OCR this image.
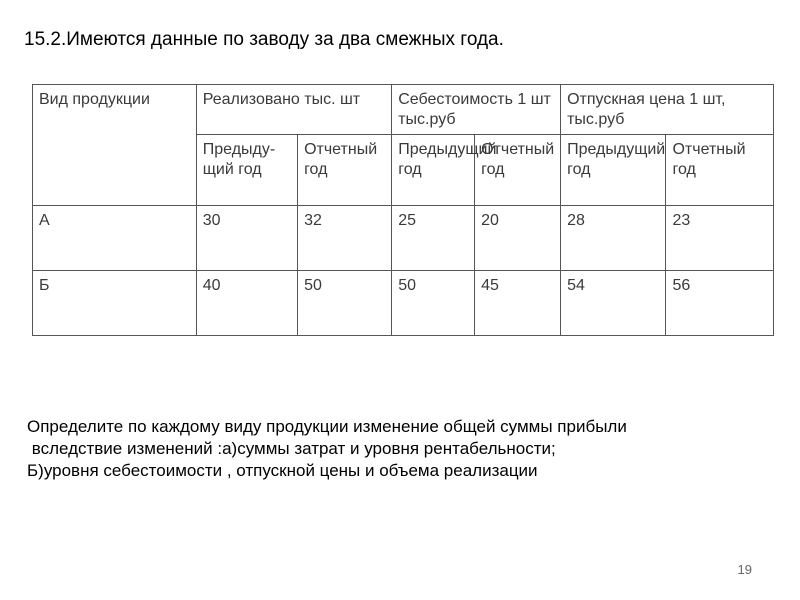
15.2.Имеются данные по заводу за два смежных года.
Вид продукции	Реализовано тыс. шт		Себестоимость 1 шт тыс.руб		Отпускная цена 1 шт, тыс.руб	
	Предыду-щий год	Отчетный год	Предыдущий год	Отчетный год	Предыдущий год	Отчетный год
А	30	32	25	20	28	23
Б	40	50	50	45	54	56
Определите по каждому виду продукции изменение общей суммы прибыли
вследствие изменений :а)суммы затрат и уровня рентабельности;
Б)уровня себестоимости , отпускной цены и объема реализации
19
